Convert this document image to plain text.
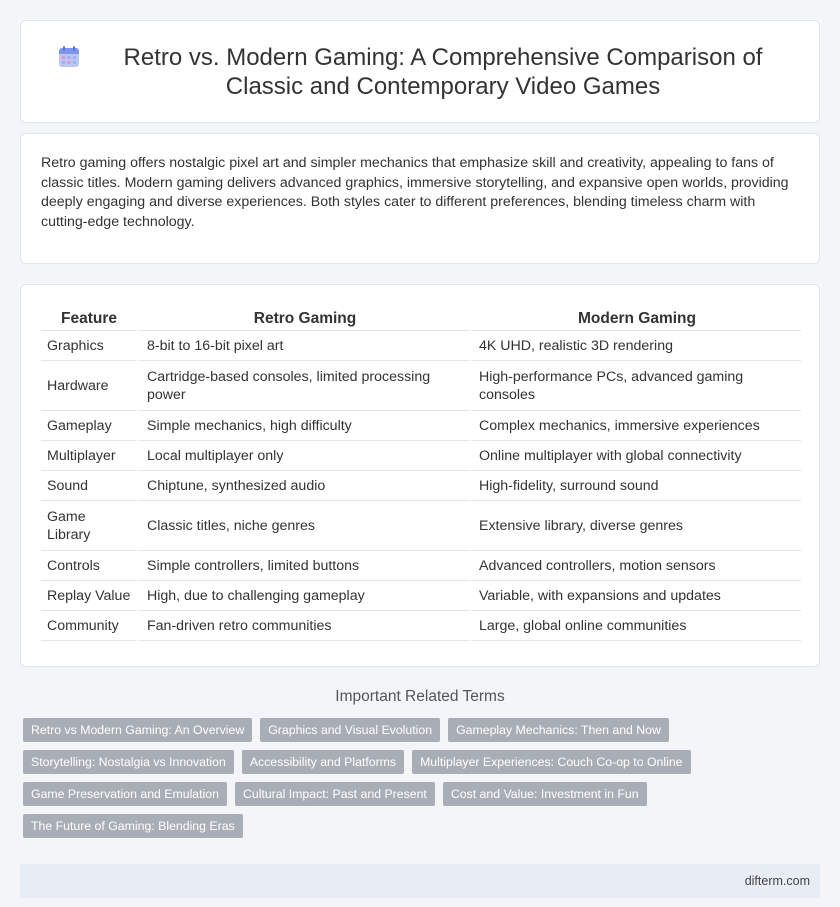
Retro vs. Modern Gaming: A Comprehensive Comparison of Classic and Contemporary Video Games

Retro gaming offers nostalgic pixel art and simpler mechanics that emphasize skill and creativity, appealing to fans of classic titles. Modern gaming delivers advanced graphics, immersive storytelling, and expansive open worlds, providing deeply engaging and diverse experiences. Both styles cater to different preferences, blending timeless charm with cutting-edge technology.

Feature	Retro Gaming	Modern Gaming
Graphics	8-bit to 16-bit pixel art	4K UHD, realistic 3D rendering
Hardware	Cartridge-based consoles, limited processing power	High-performance PCs, advanced gaming consoles
Gameplay	Simple mechanics, high difficulty	Complex mechanics, immersive experiences
Multiplayer	Local multiplayer only	Online multiplayer with global connectivity
Sound	Chiptune, synthesized audio	High-fidelity, surround sound
Game Library	Classic titles, niche genres	Extensive library, diverse genres
Controls	Simple controllers, limited buttons	Advanced controllers, motion sensors
Replay Value	High, due to challenging gameplay	Variable, with expansions and updates
Community	Fan-driven retro communities	Large, global online communities
Important Related Terms
Retro vs Modern Gaming: An Overview	Graphics and Visual Evolution	Gameplay Mechanics: Then and Now
Storytelling: Nostalgia vs Innovation	Accessibility and Platforms	Multiplayer Experiences: Couch Co-op to Online
Game Preservation and Emulation	Cultural Impact: Past and Present	Cost and Value: Investment in Fun
The Future of Gaming: Blending Eras
difterm.com
